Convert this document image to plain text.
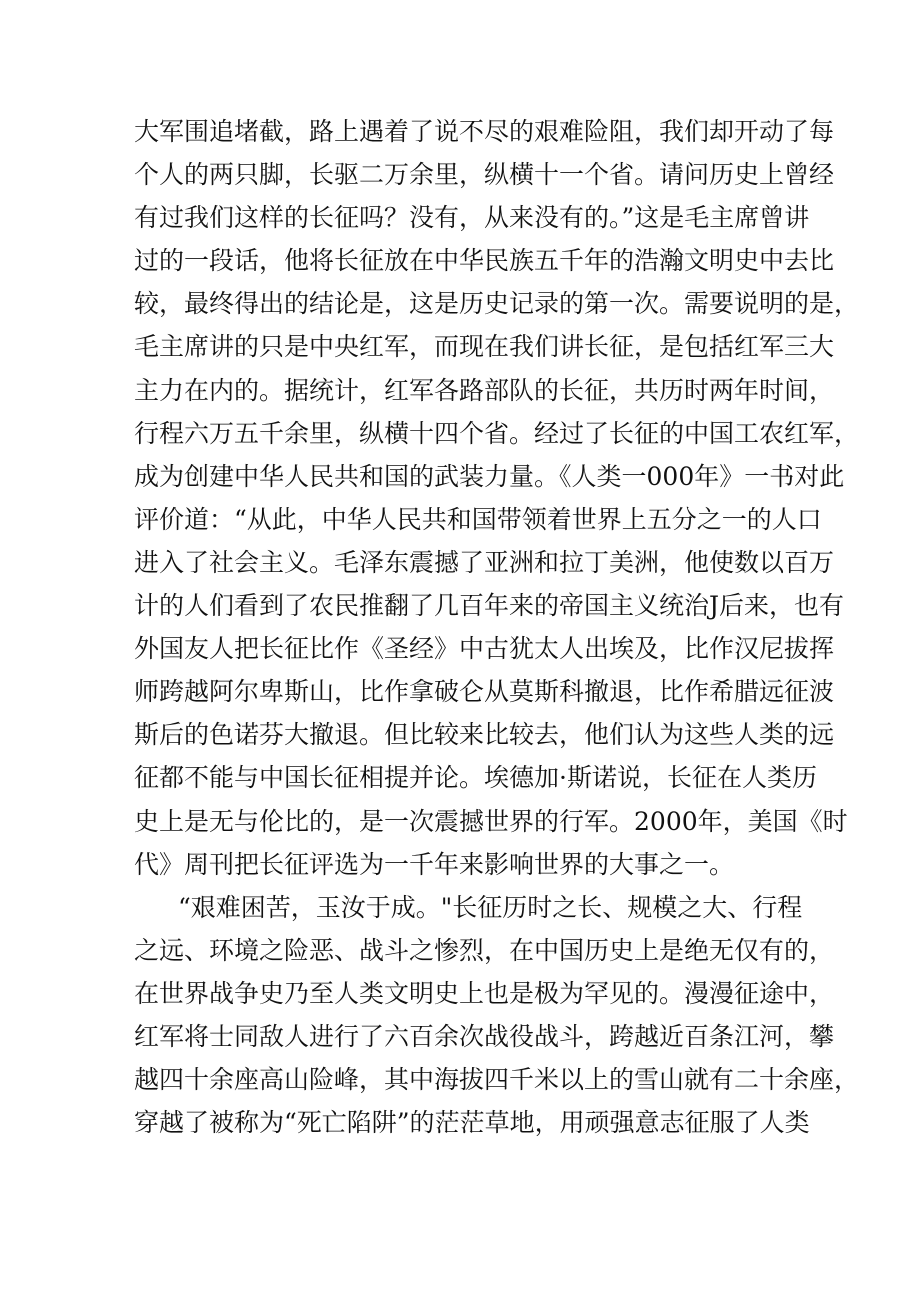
大军围追堵截，路上遇着了说不尽的艰难险阻，我们却开动了每
个人的两只脚，长驱二万余里，纵横十一个省。请问历史上曾经
有过我们这样的长征吗？没有，从来没有的。”这是毛主席曾讲
过的一段话，他将长征放在中华民族五千年的浩瀚文明史中去比
较，最终得出的结论是，这是历史记录的第一次。需要说明的是，
毛主席讲的只是中央红军，而现在我们讲长征，是包括红军三大
主力在内的。据统计，红军各路部队的长征，共历时两年时间，
行程六万五千余里，纵横十四个省。经过了长征的中国工农红军，
成为创建中华人民共和国的武装力量。《人类一000年》一书对此
评价道：“从此，中华人民共和国带领着世界上五分之一的人口
进入了社会主义。毛泽东震撼了亚洲和拉丁美洲，他使数以百万
计的人们看到了农民推翻了几百年来的帝国主义统治J后来，也有
外国友人把长征比作《圣经》中古犹太人出埃及，比作汉尼拔挥
师跨越阿尔卑斯山，比作拿破仑从莫斯科撤退，比作希腊远征波
斯后的色诺芬大撤退。但比较来比较去，他们认为这些人类的远
征都不能与中国长征相提并论。埃德加·斯诺说，长征在人类历
史上是无与伦比的，是一次震撼世界的行军。2000年，美国《时
代》周刊把长征评选为一千年来影响世界的大事之一。
“艰难困苦，玉汝于成。"长征历时之长、规模之大、行程
之远、环境之险恶、战斗之惨烈，在中国历史上是绝无仅有的，
在世界战争史乃至人类文明史上也是极为罕见的。漫漫征途中，
红军将士同敌人进行了六百余次战役战斗，跨越近百条江河，攀
越四十余座高山险峰，其中海拔四千米以上的雪山就有二十余座，
穿越了被称为“死亡陷阱”的茫茫草地，用顽强意志征服了人类
